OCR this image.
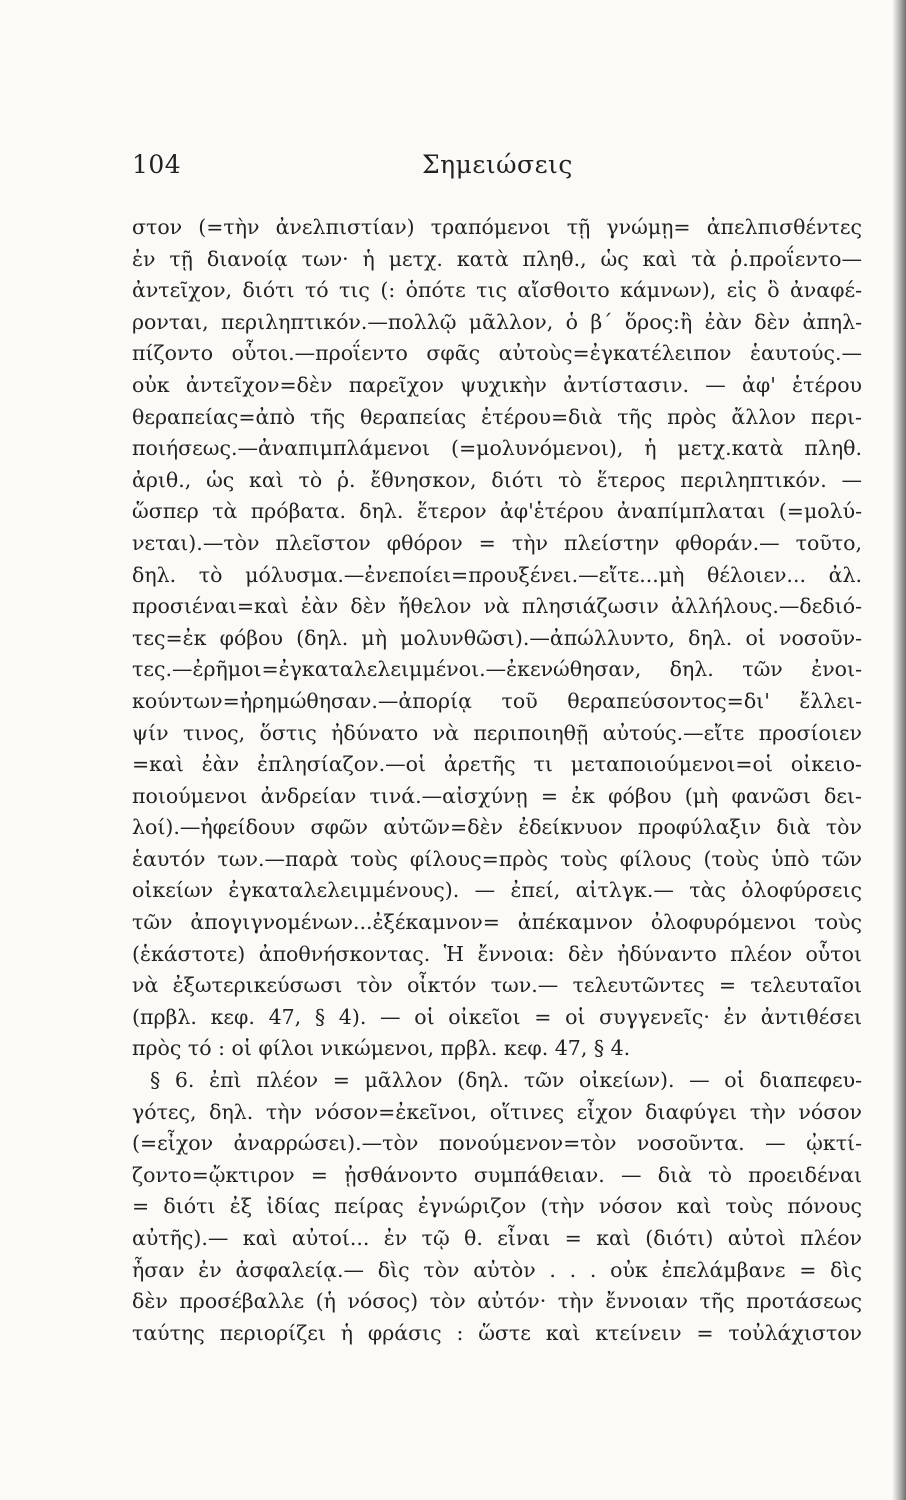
104	Σημειώσεις
στον (=τὴν ἀνελπιστίαν) τραπόμενοι τῇ γνώμῃ= ἀπελπισθέντες
ἐν τῇ διανοίᾳ των· ἡ μετχ. κατὰ πληθ., ὡς καὶ τὰ ῥ.προΐεντο—
ἀντεῖχον, διότι τό τις (: ὁπότε τις αἴσθοιτο κάμνων), εἰς ὃ ἀναφέ-
ρονται, περιληπτικόν.—πολλῷ μᾶλλον, ὁ β΄ ὅρος:ἢ ἐὰν δὲν ἀπηλ-
πίζοντο οὗτοι.—προΐεντο σφᾶς αὐτοὺς=ἐγκατέλειπον ἑαυτούς.—
οὐκ ἀντεῖχον=δὲν παρεῖχον ψυχικὴν ἀντίστασιν. — ἀφ' ἑτέρου
θεραπείας=ἀπὸ τῆς θεραπείας ἑτέρου=διὰ τῆς πρὸς ἄλλον περι-
ποιήσεως.—ἀναπιμπλάμενοι (=μολυνόμενοι), ἡ μετχ.κατὰ πληθ.
ἀριθ., ὡς καὶ τὸ ῥ. ἔθνησκον, διότι τὸ ἕτερος περιληπτικόν. —
ὥσπερ τὰ πρόβατα. δηλ. ἕτερον ἀφ'ἑτέρου ἀναπίμπλαται (=μολύ-
νεται).—τὸν πλεῖστον φθόρον = τὴν πλείστην φθοράν.— τοῦτο,
δηλ. τὸ μόλυσμα.—ἐνεποίει=προυξένει.—εἴτε...μὴ θέλοιεν... ἀλ.
προσιέναι=καὶ ἐὰν δὲν ἤθελον νὰ πλησιάζωσιν ἀλλήλους.—δεδιό-
τες=ἐκ φόβου (δηλ. μὴ μολυνθῶσι).—ἀπώλλυντο, δηλ. οἱ νοσοῦν-
τες.—ἐρῆμοι=ἐγκαταλελειμμένοι.—ἐκενώθησαν, δηλ. τῶν ἐνοι-
κούντων=ἠρημώθησαν.—ἀπορίᾳ τοῦ θεραπεύσοντος=δι' ἔλλει-
ψίν τινος, ὅστις ἠδύνατο νὰ περιποιηθῇ αὐτούς.—εἴτε προσίοιεν
=καὶ ἐὰν ἐπλησίαζον.—οἱ ἀρετῆς τι μεταποιούμενοι=οἱ οἰκειο-
ποιούμενοι ἀνδρείαν τινά.—αἰσχύνῃ = ἐκ φόβου (μὴ φανῶσι δει-
λοί).—ἠφείδουν σφῶν αὐτῶν=δὲν ἐδείκνυον προφύλαξιν διὰ τὸν
ἑαυτόν των.—παρὰ τοὺς φίλους=πρὸς τοὺς φίλους (τοὺς ὑπὸ τῶν
οἰκείων ἐγκαταλελειμμένους). — ἐπεί, αἰτλγκ.— τὰς ὀλοφύρσεις
τῶν ἀπογιγνομένων...ἐξέκαμνον= ἀπέκαμνον ὀλοφυρόμενοι τοὺς
(ἑκάστοτε) ἀποθνήσκοντας. Ἡ ἔννοια: δὲν ἠδύναντο πλέον οὗτοι
νὰ ἐξωτερικεύσωσι τὸν οἶκτόν των.— τελευτῶντες = τελευταῖοι
(πρβλ. κεφ. 47, § 4). — οἱ οἰκεῖοι = οἱ συγγενεῖς· ἐν ἀντιθέσει
πρὸς τό : οἱ φίλοι νικώμενοι, πρβλ. κεφ. 47, § 4.
§ 6. ἐπὶ πλέον = μᾶλλον (δηλ. τῶν οἰκείων). — οἱ διαπεφευ-
γότες, δηλ. τὴν νόσον=ἐκεῖνοι, οἵτινες εἶχον διαφύγει τὴν νόσον
(=εἶχον ἀναρρώσει).—τὸν πονούμενον=τὸν νοσοῦντα. — ᾠκτί-
ζοντο=ᾤκτιρον = ᾐσθάνοντο συμπάθειαν. — διὰ τὸ προειδέναι
= διότι ἐξ ἰδίας πείρας ἐγνώριζον (τὴν νόσον καὶ τοὺς πόνους
αὐτῆς).— καὶ αὐτοί... ἐν τῷ θ. εἶναι = καὶ (διότι) αὐτοὶ πλέον
ἦσαν ἐν ἀσφαλείᾳ.— δὶς τὸν αὐτὸν . . . οὐκ ἐπελάμβανε = δὶς
δὲν προσέβαλλε (ἡ νόσος) τὸν αὐτόν· τὴν ἔννοιαν τῆς προτάσεως
ταύτης περιορίζει ἡ φράσις : ὥστε καὶ κτείνειν = τοὐλάχιστον
